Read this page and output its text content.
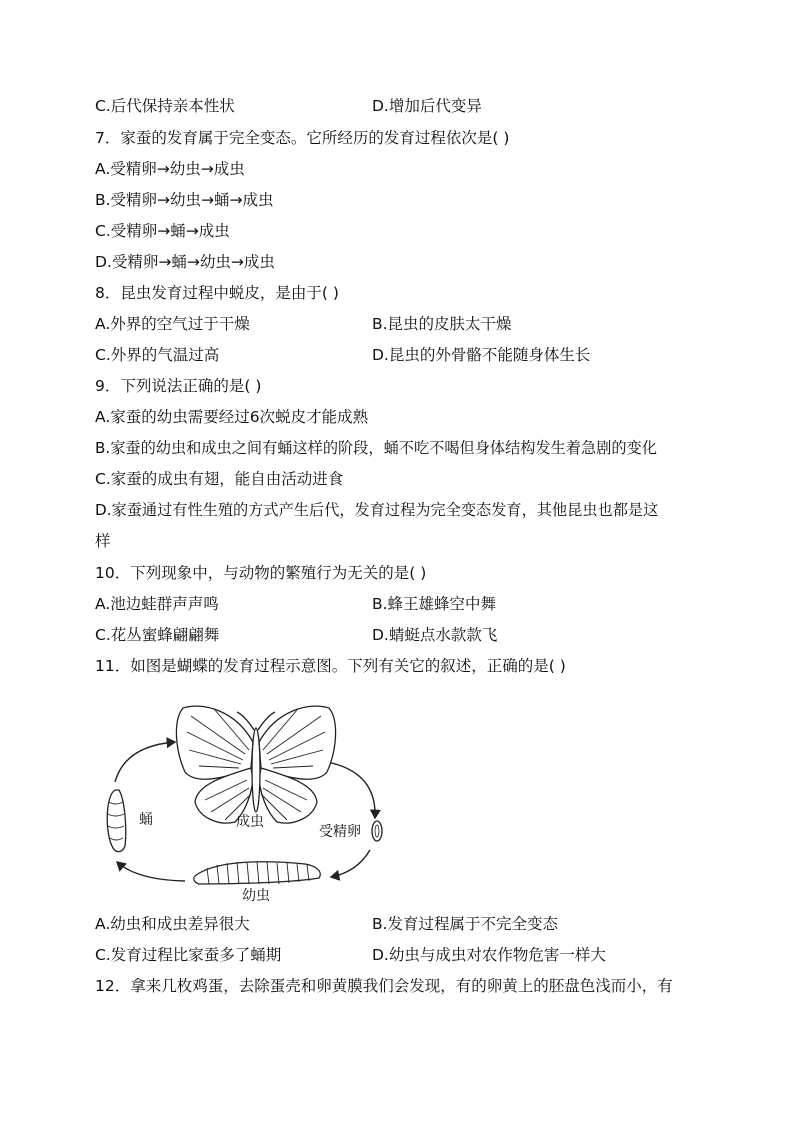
C.后代保持亲本性状	D.增加后代变异
7．家蚕的发育属于完全变态。它所经历的发育过程依次是( )
A.受精卵→幼虫→成虫
B.受精卵→幼虫→蛹→成虫
C.受精卵→蛹→成虫
D.受精卵→蛹→幼虫→成虫
8．昆虫发育过程中蜕皮，是由于( )
A.外界的空气过于干燥	B.昆虫的皮肤太干燥
C.外界的气温过高	D.昆虫的外骨骼不能随身体生长
9．下列说法正确的是( )
A.家蚕的幼虫需要经过6次蜕皮才能成熟
B.家蚕的幼虫和成虫之间有蛹这样的阶段，蛹不吃不喝但身体结构发生着急剧的变化
C.家蚕的成虫有翅，能自由活动进食
D.家蚕通过有性生殖的方式产生后代，发育过程为完全变态发育，其他昆虫也都是这
样
10．下列现象中，与动物的繁殖行为无关的是( )
A.池边蛙群声声鸣	B.蜂王雄蜂空中舞
C.花丛蜜蜂翩翩舞	D.蜻蜓点水款款飞
11．如图是蝴蝶的发育过程示意图。下列有关它的叙述，正确的是( )
成虫
蛹
受精卵
幼虫
A.幼虫和成虫差异很大	B.发育过程属于不完全变态
C.发育过程比家蚕多了蛹期	D.幼虫与成虫对农作物危害一样大
12．拿来几枚鸡蛋，去除蛋壳和卵黄膜我们会发现，有的卵黄上的胚盘色浅而小，有
